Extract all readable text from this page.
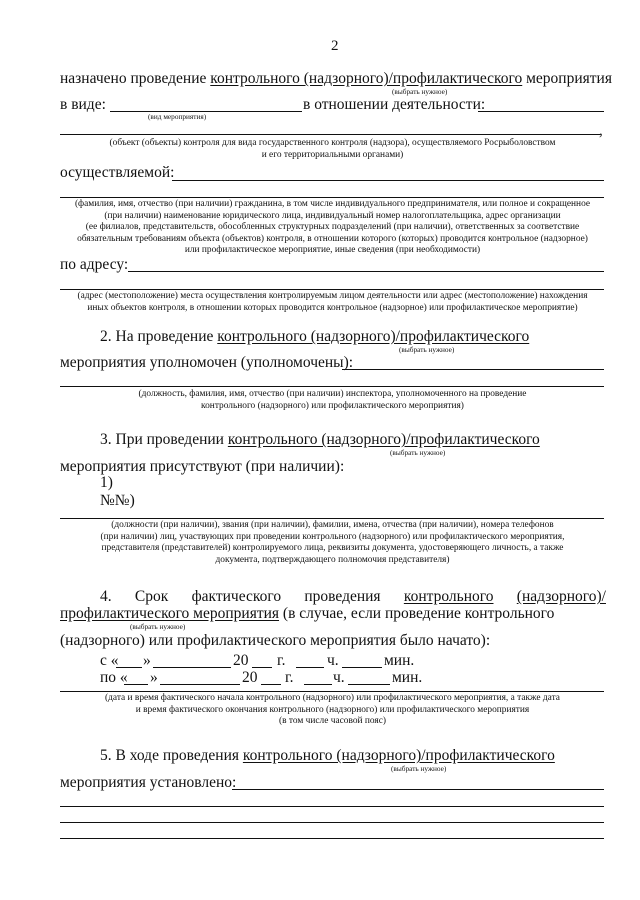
2
назначено проведение контрольного (надзорного)/профилактического мероприятия
(выбрать нужное)
в виде:	в отношении деятельности:
(вид мероприятия)
,
(объект (объекты) контроля для вида государственного контроля (надзора), осуществляемого Росрыболовством
и его территориальными органами)
осуществляемой:
(фамилия, имя, отчество (при наличии) гражданина, в том числе индивидуального предпринимателя, или полное и сокращенное
(при наличии) наименование юридического лица, индивидуальный номер налогоплательщика, адрес организации
(ее филиалов, представительств, обособленных структурных подразделений (при наличии), ответственных за соответствие
обязательным требованиям объекта (объектов) контроля, в отношении которого (которых) проводится контрольное (надзорное)
или профилактическое мероприятие, иные сведения (при необходимости)
по адресу:
(адрес (местоположение) места осуществления контролируемым лицом деятельности или адрес (местоположение) нахождения
иных объектов контроля, в отношении которых проводится контрольное (надзорное) или профилактическое мероприятие)
2. На проведение контрольного (надзорного)/профилактического
(выбрать нужное)
мероприятия уполномочен (уполномочены):
(должность, фамилия, имя, отчество (при наличии) инспектора, уполномоченного на проведение
контрольного (надзорного) или профилактического мероприятия)
3. При проведении контрольного (надзорного)/профилактического
(выбрать нужное)
мероприятия присутствуют (при наличии):
1)
№№)
(должности (при наличии), звания (при наличии), фамилии, имена, отчества (при наличии), номера телефонов
(при наличии) лиц, участвующих при проведении контрольного (надзорного) или профилактического мероприятия,
представителя (представителей) контролируемого лица, реквизиты документа, удостоверяющего личность, а также
документа, подтверждающего полномочия представителя)
4. Срок фактического проведения контрольного (надзорного)/
профилактического мероприятия (в случае, если проведение контрольного
(выбрать нужное)
(надзорного) или профилактического мероприятия было начато):
с « »	20 г.	ч.	мин.
по « »	20 г.	ч.	мин.
(дата и время фактического начала контрольного (надзорного) или профилактического мероприятия, а также дата
и время фактического окончания контрольного (надзорного) или профилактического мероприятия
(в том числе часовой пояс)
5. В ходе проведения контрольного (надзорного)/профилактического
(выбрать нужное)
мероприятия установлено:
